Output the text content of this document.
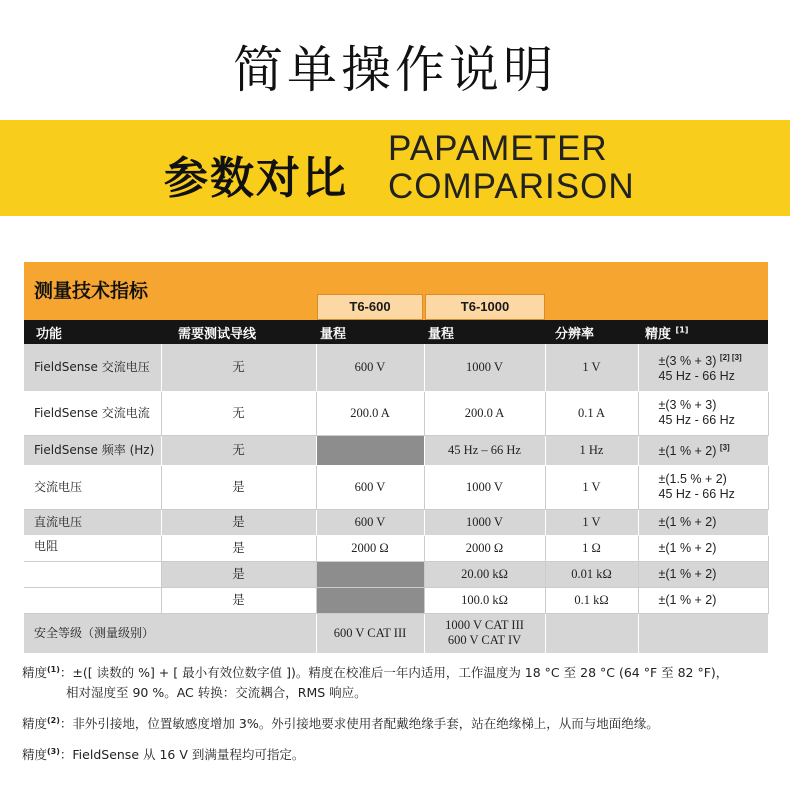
简单操作说明
参数对比
PAPAMETER
COMPARISON
测量技术指标
T6-600	T6-1000
功能	需要测试导线	量程	量程	分辨率	精度 [1]
FieldSense 交流电压	无	600 V	1000 V	1 V	±(3 % + 3) [2] [3]
45 Hz - 66 Hz
FieldSense 交流电流	无	200.0 A	200.0 A	0.1 A	±(3 % + 3)
45 Hz - 66 Hz
FieldSense 频率 (Hz)	无		45 Hz – 66 Hz	1 Hz	±(1 % + 2) [3]
交流电压	是	600 V	1000 V	1 V	±(1.5 % + 2)
45 Hz - 66 Hz
直流电压	是	600 V	1000 V	1 V	±(1 % + 2)
电阻	是	2000 Ω	2000 Ω	1 Ω	±(1 % + 2)
	是		20.00 kΩ	0.01 kΩ	±(1 % + 2)
	是		100.0 kΩ	0.1 kΩ	±(1 % + 2)
安全等级（测量级别）		600 V CAT III	1000 V CAT III
600 V CAT IV		
精度$^{(1)}$：±([ 读数的 %] + [ 最小有效位数字值 ])。精度在校准后一年内适用，工作温度为 18 °C 至 28 °C (64 °F 至 82 °F)，
相对湿度至 90 %。AC 转换：交流耦合，RMS 响应。
精度$^{(2)}$：非外引接地，位置敏感度增加 3%。外引接地要求使用者配戴绝缘手套，站在绝缘梯上，从而与地面绝缘。
精度$^{(3)}$：FieldSense 从 16 V 到满量程均可指定。
